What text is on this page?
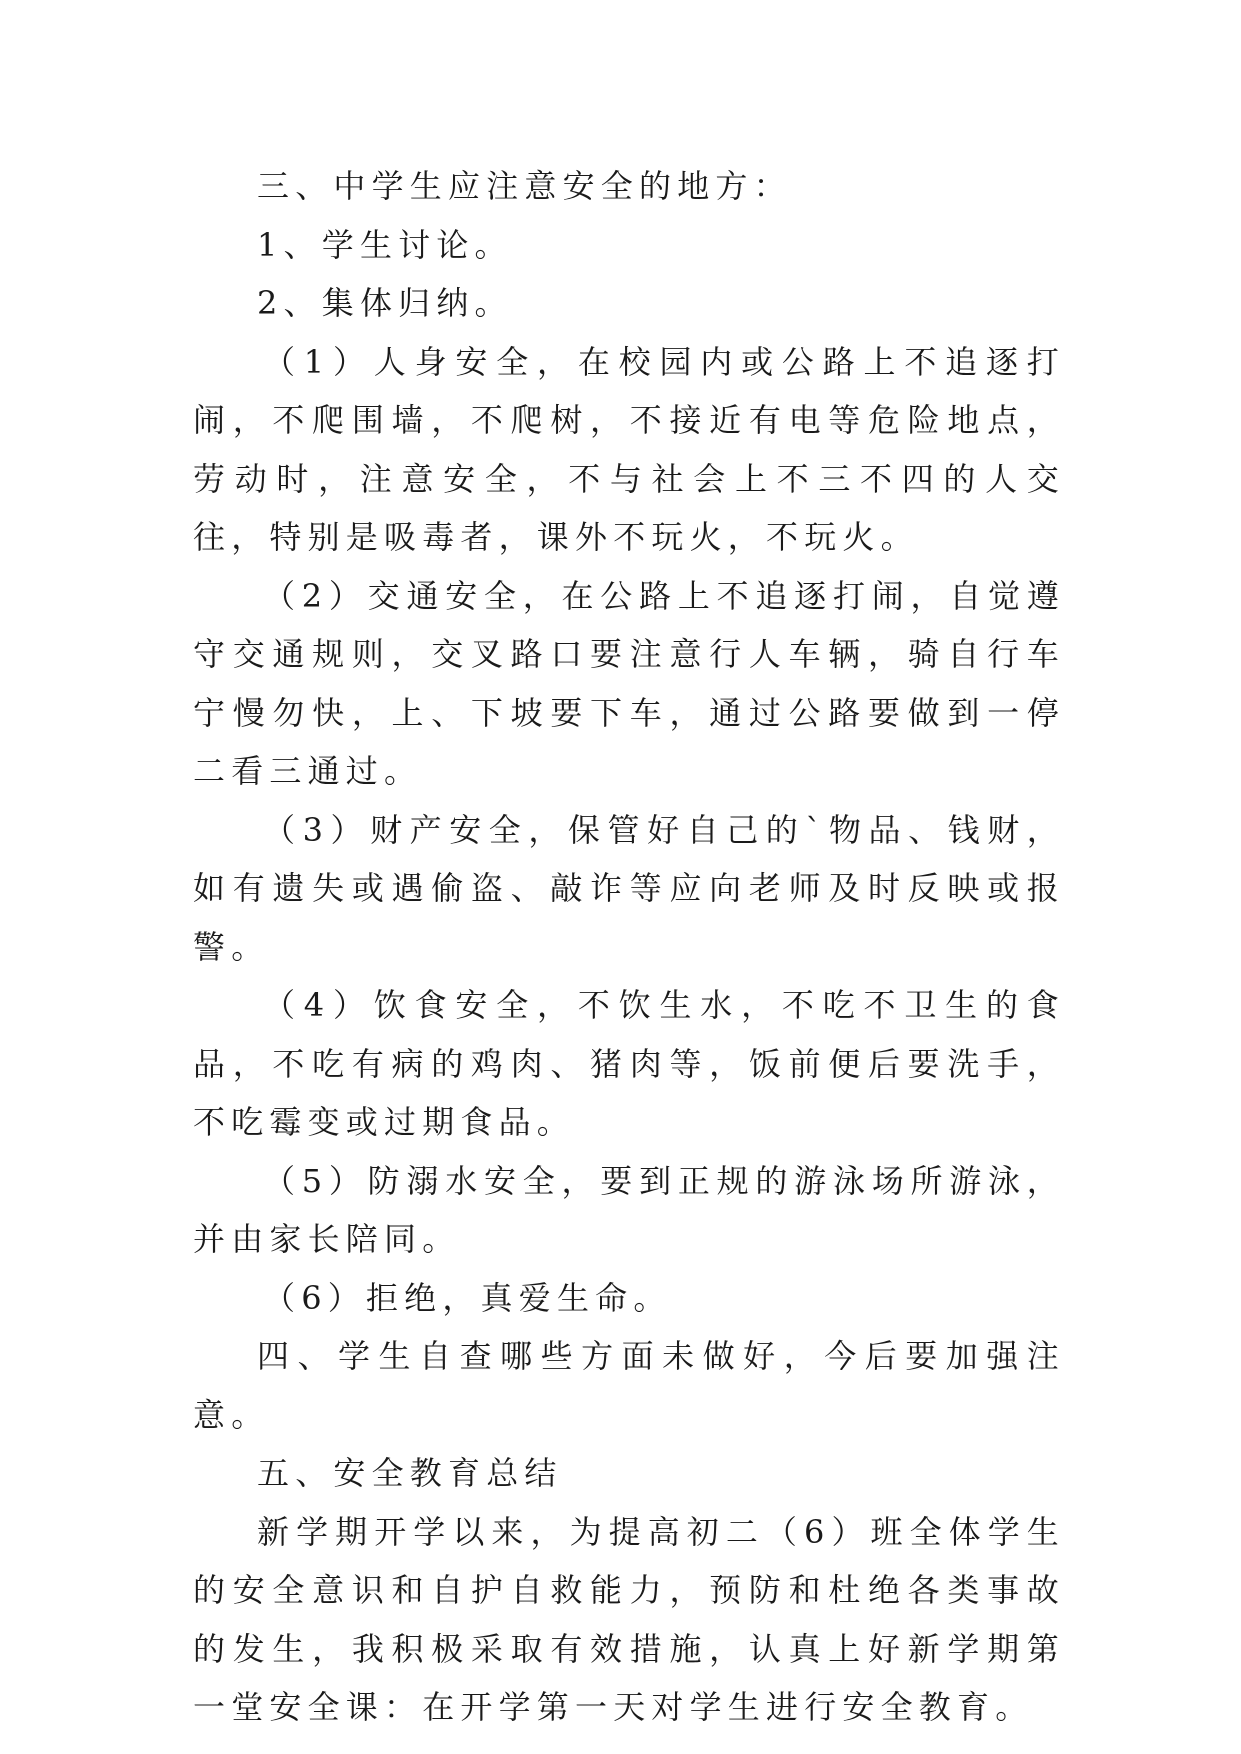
三、中学生应注意安全的地方：

1、学生讨论。

2、集体归纳。

（1）人身安全，在校园内或公路上不追逐打闹，不爬围墙，不爬树，不接近有电等危险地点，劳动时，注意安全，不与社会上不三不四的人交往，特别是吸毒者，课外不玩火，不玩火。

（2）交通安全，在公路上不追逐打闹，自觉遵守交通规则，交叉路口要注意行人车辆，骑自行车宁慢勿快，上、下坡要下车，通过公路要做到一停二看三通过。

（3）财产安全，保管好自己的`物品、钱财，如有遗失或遇偷盗、敲诈等应向老师及时反映或报警。

（4）饮食安全，不饮生水，不吃不卫生的食品，不吃有病的鸡肉、猪肉等，饭前便后要洗手，不吃霉变或过期食品。

（5）防溺水安全，要到正规的游泳场所游泳，并由家长陪同。

（6）拒绝，真爱生命。

四、学生自查哪些方面未做好，今后要加强注意。

五、安全教育总结

新学期开学以来，为提高初二（6）班全体学生的安全意识和自护自救能力，预防和杜绝各类事故的发生，我积极采取有效措施，认真上好新学期第一堂安全课：在开学第一天对学生进行安全教育。
